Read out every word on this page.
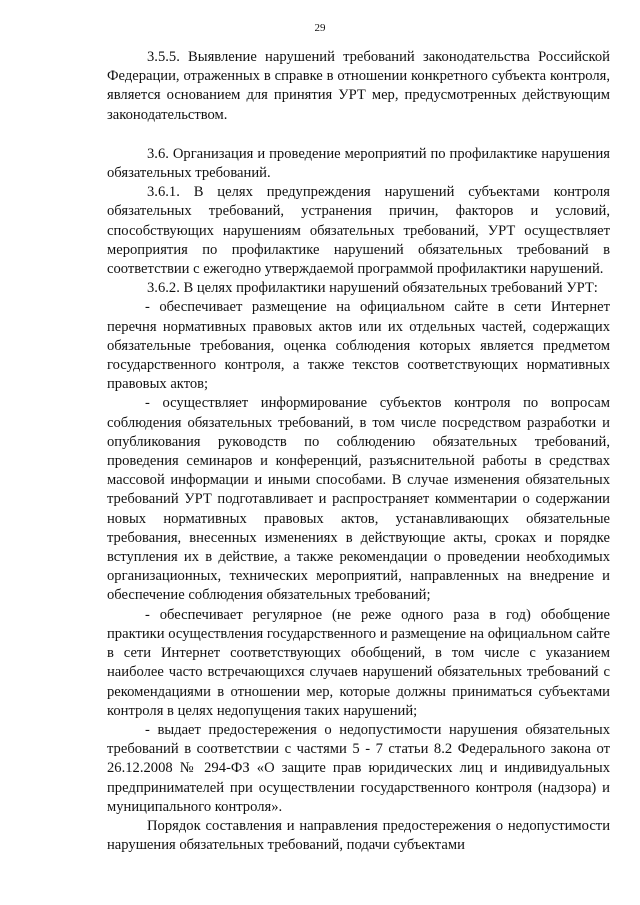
29

3.5.5. Выявление нарушений требований законодательства Российской Федерации, отраженных в справке в отношении конкретного субъекта контроля, является основанием для принятия УРТ мер, предусмотренных действующим законодательством.

3.6. Организация и проведение мероприятий по профилактике нарушения обязательных требований.

3.6.1. В целях предупреждения нарушений субъектами контроля обязательных требований, устранения причин, факторов и условий, способствующих нарушениям обязательных требований, УРТ осуществляет мероприятия по профилактике нарушений обязательных требований в соответствии с ежегодно утверждаемой программой профилактики нарушений.

3.6.2. В целях профилактики нарушений обязательных требований УРТ:

- обеспечивает размещение на официальном сайте в сети Интернет перечня нормативных правовых актов или их отдельных частей, содержащих обязательные требования, оценка соблюдения которых является предметом государственного контроля, а также текстов соответствующих нормативных правовых актов;

- осуществляет информирование субъектов контроля по вопросам соблюдения обязательных требований, в том числе посредством разработки и опубликования руководств по соблюдению обязательных требований, проведения семинаров и конференций, разъяснительной работы в средствах массовой информации и иными способами. В случае изменения обязательных требований УРТ подготавливает и распространяет комментарии о содержании новых нормативных правовых актов, устанавливающих обязательные требования, внесенных изменениях в действующие акты, сроках и порядке вступления их в действие, а также рекомендации о проведении необходимых организационных, технических мероприятий, направленных на внедрение и обеспечение соблюдения обязательных требований;

- обеспечивает регулярное (не реже одного раза в год) обобщение практики осуществления государственного и размещение на официальном сайте в сети Интернет соответствующих обобщений, в том числе с указанием наиболее часто встречающихся случаев нарушений обязательных требований с рекомендациями в отношении мер, которые должны приниматься субъектами контроля в целях недопущения таких нарушений;

- выдает предостережения о недопустимости нарушения обязательных требований в соответствии с частями 5 - 7 статьи 8.2 Федерального закона от 26.12.2008 № 294-ФЗ «О защите прав юридических лиц и индивидуальных предпринимателей при осуществлении государственного контроля (надзора) и муниципального контроля».

Порядок составления и направления предостережения о недопустимости нарушения обязательных требований, подачи субъектами
